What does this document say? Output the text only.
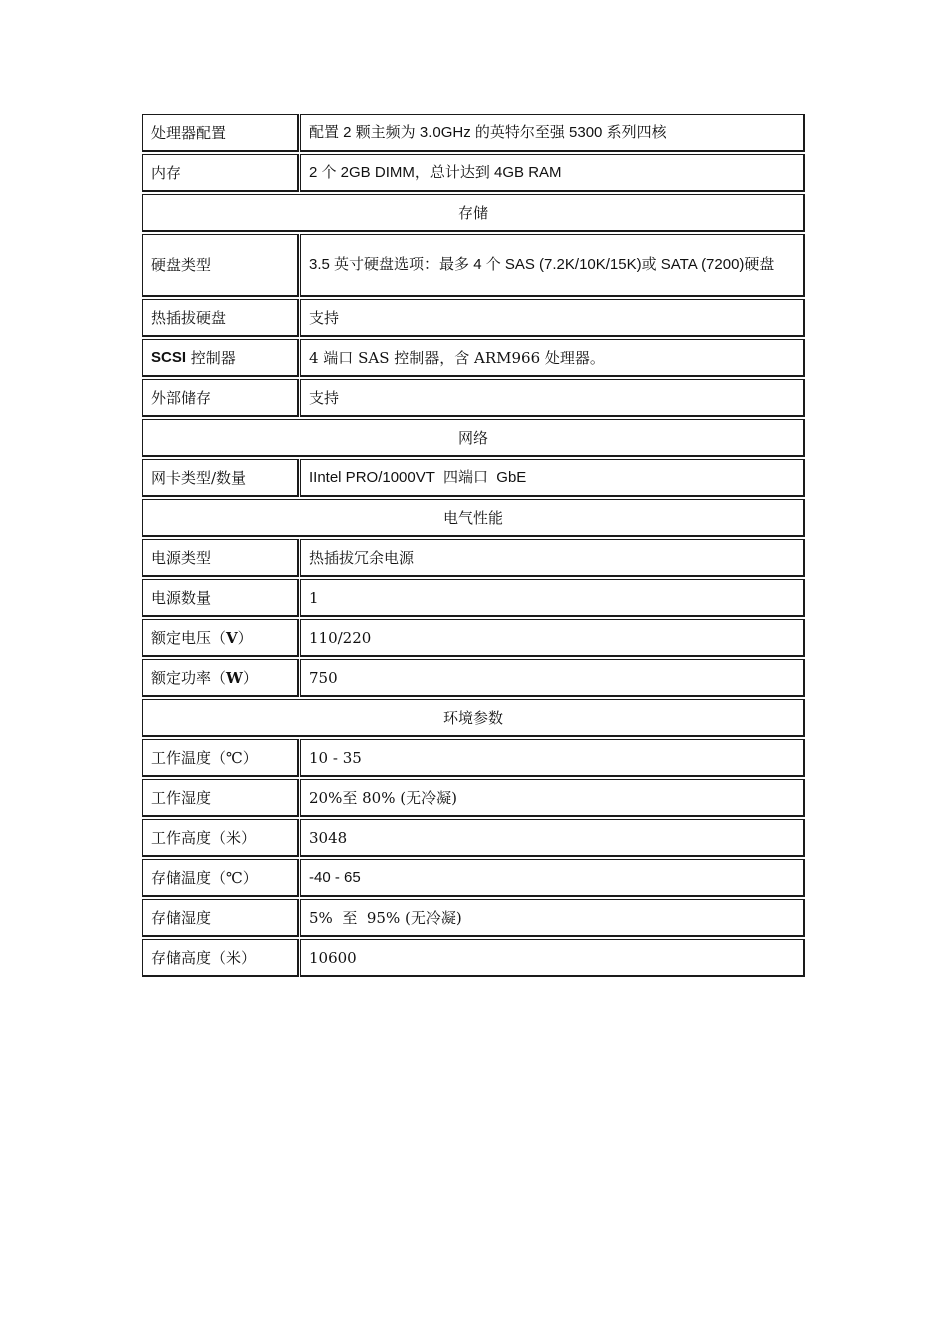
处理器配置	配置 2 颗主频为 3.0GHz 的英特尔至强 5300 系列四核
内存	2 个 2GB DIMM，总计达到 4GB RAM
存储
硬盘类型	3.5 英寸硬盘选项：最多 4 个 SAS (7.2K/10K/15K)或 SATA (7200)硬盘
热插拔硬盘	支持
SCSI 控制器	4 端口 SAS 控制器，含 ARM966 处理器。
外部储存	支持
网络
网卡类型/数量	IIntel PRO/1000VT  四端口  GbE
电气性能
电源类型	热插拔冗余电源
电源数量	1
额定电压（ V ）	110/220
额定功率（ W ）	750
环境参数
工作温度（℃）	10 - 35
工作湿度	20%至 80% (无冷凝)
工作高度（米）	3048
存储温度（℃）	-40 - 65
存储湿度	5%  至  95% (无冷凝)
存储高度（米）	10600
